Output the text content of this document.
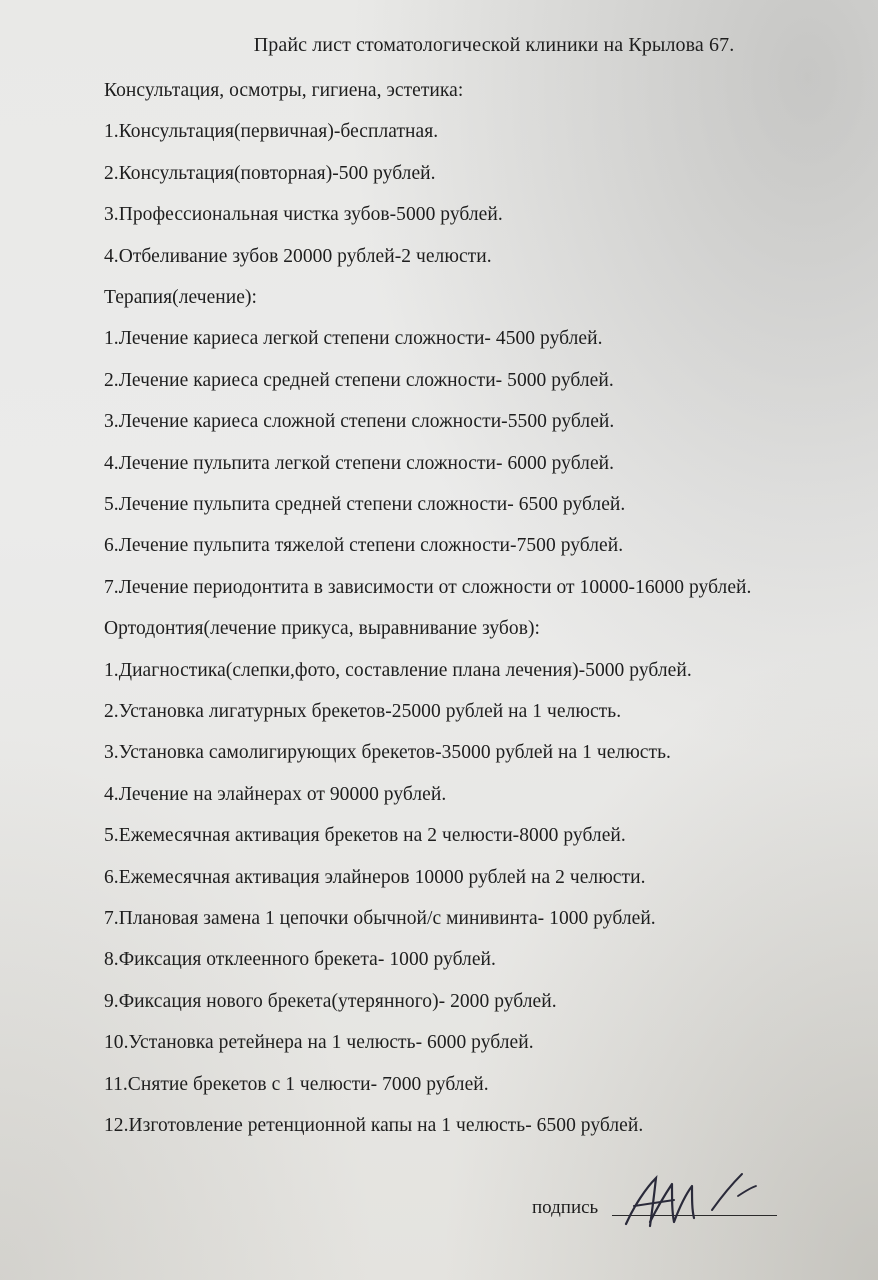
Прайс лист стоматологической клиники на Крылова 67.
Консультация, осмотры, гигиена, эстетика:
1.Консультация(первичная)-бесплатная.
2.Консультация(повторная)-500 рублей.
3.Профессиональная чистка зубов-5000 рублей.
4.Отбеливание зубов 20000 рублей-2 челюсти.
Терапия(лечение):
1.Лечение кариеса легкой степени сложности- 4500 рублей.
2.Лечение кариеса средней степени сложности- 5000 рублей.
3.Лечение кариеса сложной степени сложности-5500 рублей.
4.Лечение пульпита легкой степени сложности- 6000 рублей.
5.Лечение пульпита средней степени сложности- 6500 рублей.
6.Лечение пульпита тяжелой степени сложности-7500 рублей.
7.Лечение периодонтита в зависимости от сложности от 10000-16000 рублей.
Ортодонтия(лечение прикуса, выравнивание зубов):
1.Диагностика(слепки,фото, составление плана лечения)-5000 рублей.
2.Установка лигатурных брекетов-25000 рублей на 1 челюсть.
3.Установка самолигирующих брекетов-35000 рублей на 1 челюсть.
4.Лечение на элайнерах от 90000 рублей.
5.Ежемесячная активация брекетов на 2 челюсти-8000 рублей.
6.Ежемесячная активация элайнеров 10000 рублей на 2 челюсти.
7.Плановая замена 1 цепочки обычной/с минивинта- 1000 рублей.
8.Фиксация отклеенного брекета- 1000 рублей.
9.Фиксация нового брекета(утерянного)- 2000 рублей.
10.Установка ретейнера на 1 челюсть- 6000 рублей.
11.Снятие брекетов с 1 челюсти- 7000 рублей.
12.Изготовление ретенционной капы на 1 челюсть- 6500 рублей.
подпись
